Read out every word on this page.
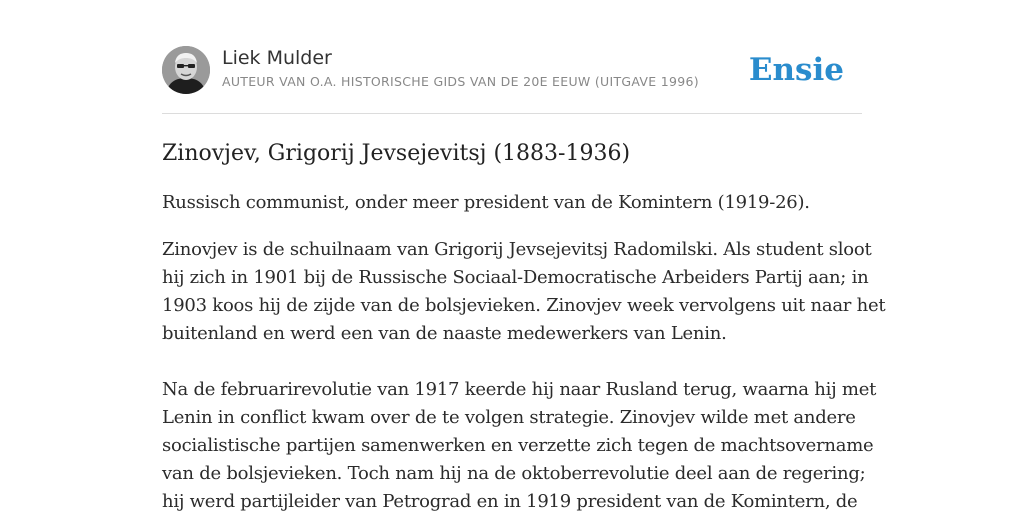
Liek Mulder
AUTEUR VAN O.A. HISTORISCHE GIDS VAN DE 20E EEUW (UITGAVE 1996) Ensie
Zinovjev, Grigorij Jevsejevitsj (1883-1936)

Russisch communist, onder meer president van de Komintern (1919-26).

Zinovjev is de schuilnaam van Grigorij Jevsejevitsj Radomilski. Als student sloot
hij zich in 1901 bij de Russische Sociaal-Democratische Arbeiders Partij aan; in
1903 koos hij de zijde van de bolsjevieken. Zinovjev week vervolgens uit naar het
buitenland en werd een van de naaste medewerkers van Lenin.

Na de februarirevolutie van 1917 keerde hij naar Rusland terug, waarna hij met
Lenin in conflict kwam over de te volgen strategie. Zinovjev wilde met andere
socialistische partijen samenwerken en verzette zich tegen de machtsovername
van de bolsjevieken. Toch nam hij na de oktoberrevolutie deel aan de regering;
hij werd partijleider van Petrograd en in 1919 president van de Komintern, de
